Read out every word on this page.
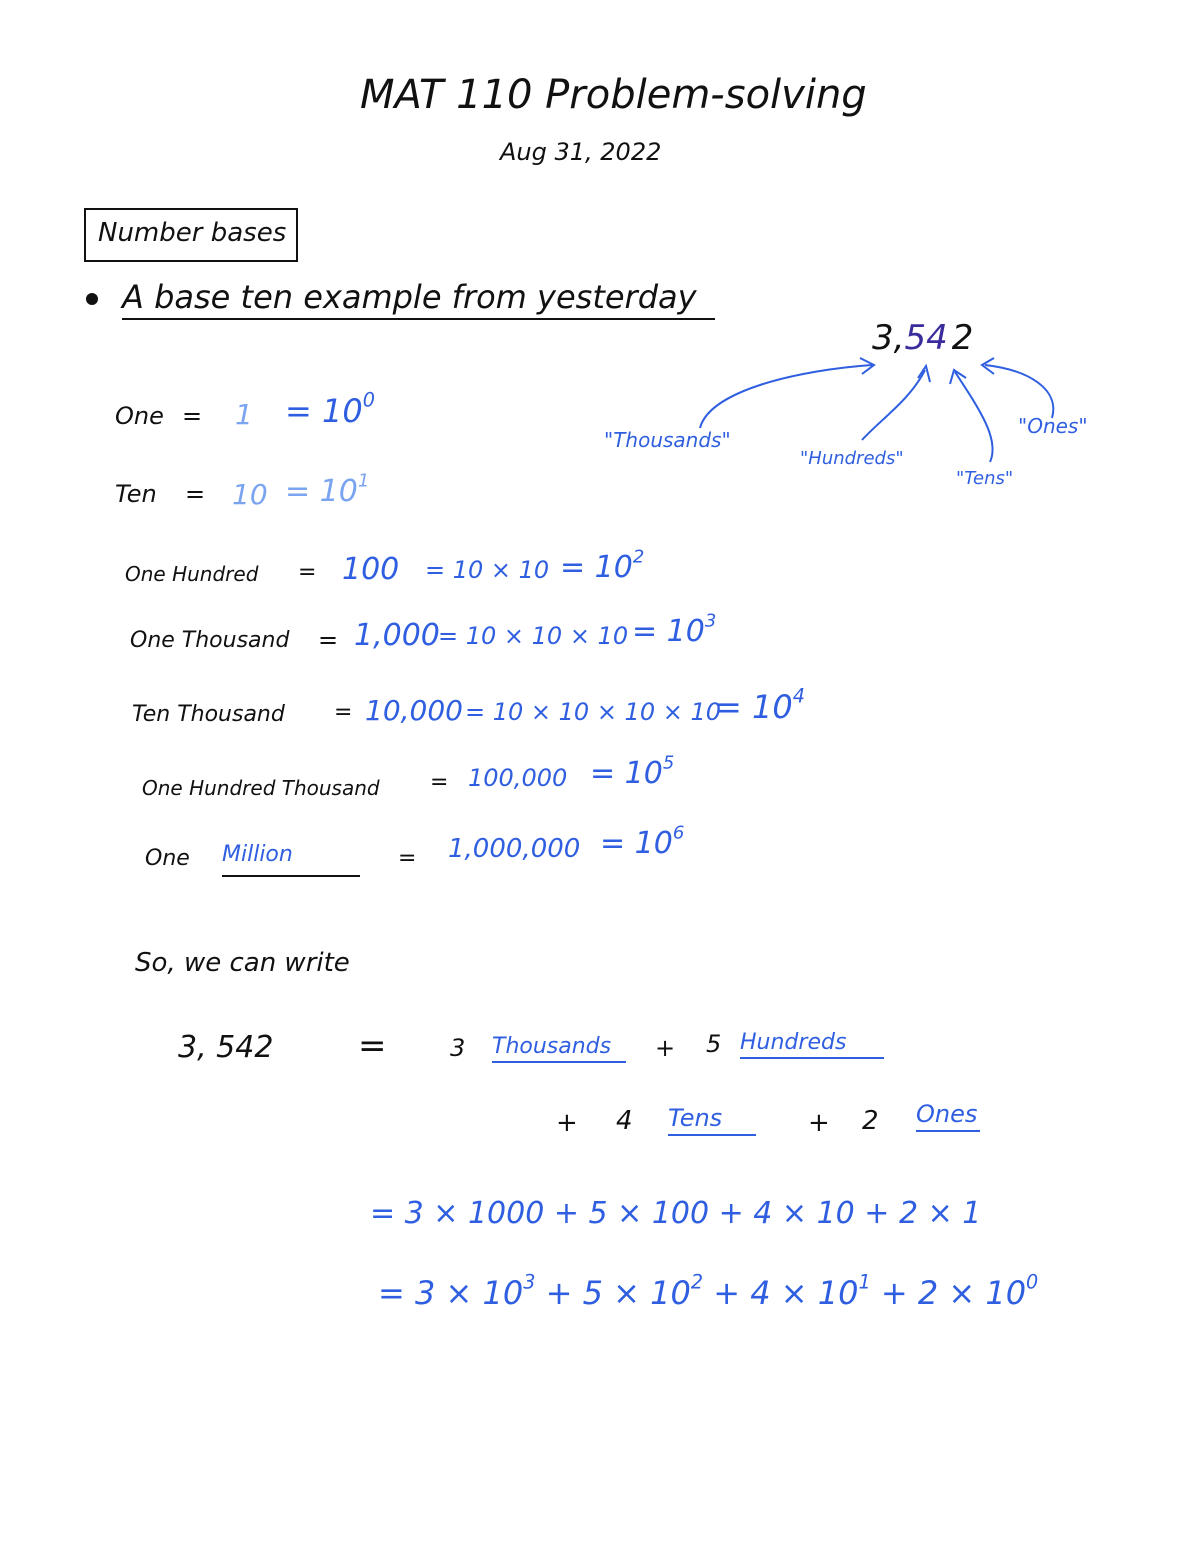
MAT 110 Problem-solving
Aug 31, 2022
Number bases
A base ten example from yesterday
3,54 2
"Thousands"
"Hundreds"
"Tens"
"Ones"
One = $1 = 10^0$
Ten = $10 = 10^1$
One Hundred = $100 = 10 \times 10 = 10^2$
One Thousand = 1,000
= $10 \times 10 \times 10 = 10^3$
Ten Thousand = 10,000 = 10 × 10 × 10 × 10
= $10^4$
One Hundred Thousand = $100,000 = 10^5$
One Million	= $1,000,000 = 10^6$
So, we can write
3, 542 =	3 Thousands	+ 5 Hundreds
+ 4 Tens	+ 2 Ones
= 3 × 1000 + 5 × 100 + 4 × 10 + 2 × 1
= $3 \times 10^3 + 5 \times 10^2 + 4 \times 10^1 + 2 \times 10^0$
